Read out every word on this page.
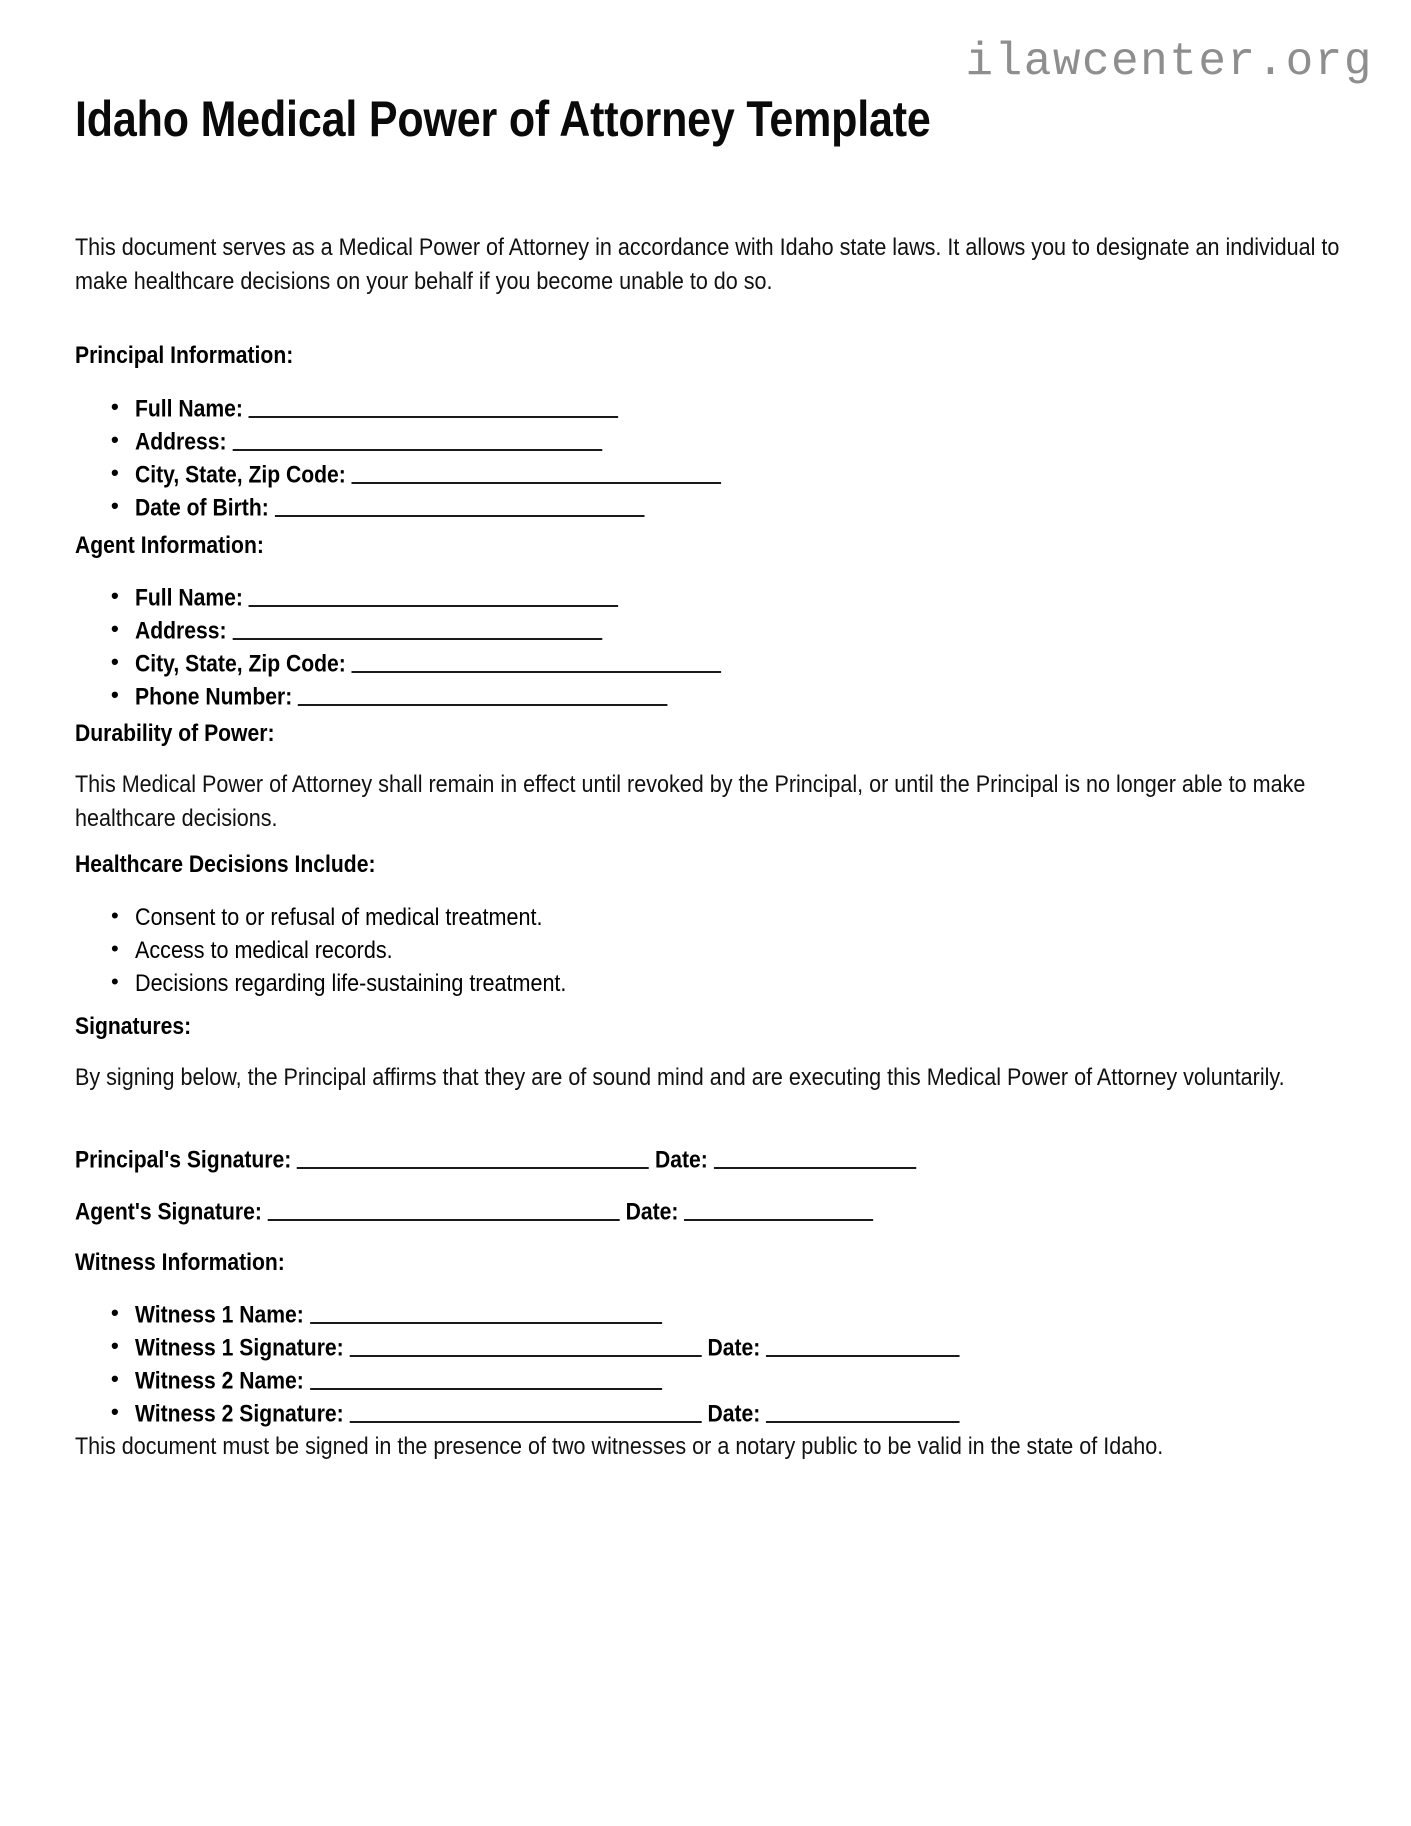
ilawcenter.org
Idaho Medical Power of Attorney Template
This document serves as a Medical Power of Attorney in accordance with Idaho state laws. It allows you to designate an individual to make healthcare decisions on your behalf if you become unable to do so.
Principal Information:
• Full Name:
• Address:
• City, State, Zip Code:
• Date of Birth:
Agent Information:
• Full Name:
• Address:
• City, State, Zip Code:
• Phone Number:
Durability of Power:
This Medical Power of Attorney shall remain in effect until revoked by the Principal, or until the Principal is no longer able to make healthcare decisions.
Healthcare Decisions Include:
• Consent to or refusal of medical treatment.
• Access to medical records.
• Decisions regarding life-sustaining treatment.
Signatures:
By signing below, the Principal affirms that they are of sound mind and are executing this Medical Power of Attorney voluntarily.
Principal's Signature:	Date:
Agent's Signature:	Date:
Witness Information:
• Witness 1 Name:
• Witness 1 Signature:	Date:
• Witness 2 Name:
• Witness 2 Signature:	Date:
This document must be signed in the presence of two witnesses or a notary public to be valid in the state of Idaho.
